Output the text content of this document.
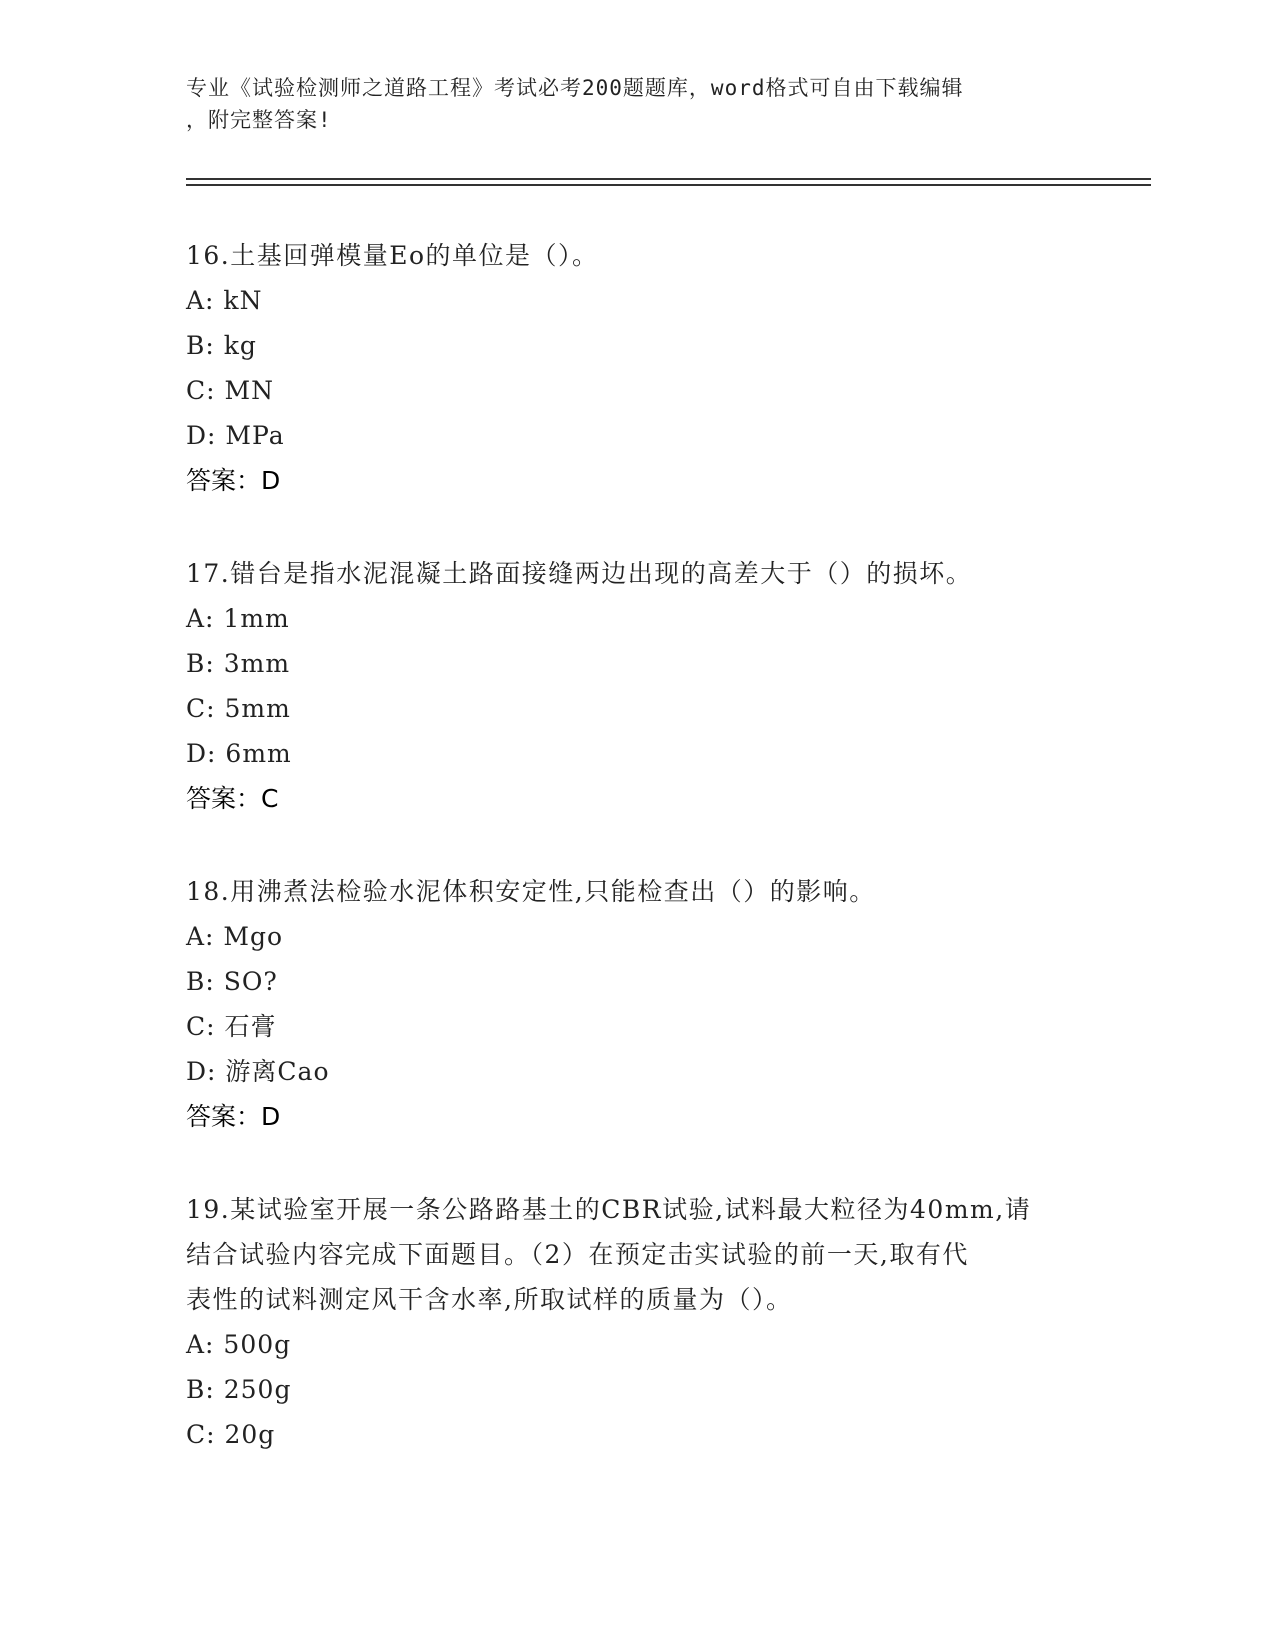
专业《试验检测师之道路工程》考试必考200题题库，word格式可自由下载编辑
，附完整答案!

16.土基回弹模量Eo的单位是（）。

A: kN

B: kg

C: MN

D: MPa

答案：D

17.错台是指水泥混凝土路面接缝两边出现的高差大于（）的损坏。

A: 1mm

B: 3mm

C: 5mm

D: 6mm

答案：C

18.用沸煮法检验水泥体积安定性,只能检查出（）的影响。

A: Mgo

B: SO?

C: 石膏

D: 游离Cao

答案：D

19.某试验室开展一条公路路基土的CBR试验,试料最大粒径为40mm,请

结合试验内容完成下面题目。（2）在预定击实试验的前一天,取有代

表性的试料测定风干含水率,所取试样的质量为（）。

A: 500g

B: 250g

C: 20g
